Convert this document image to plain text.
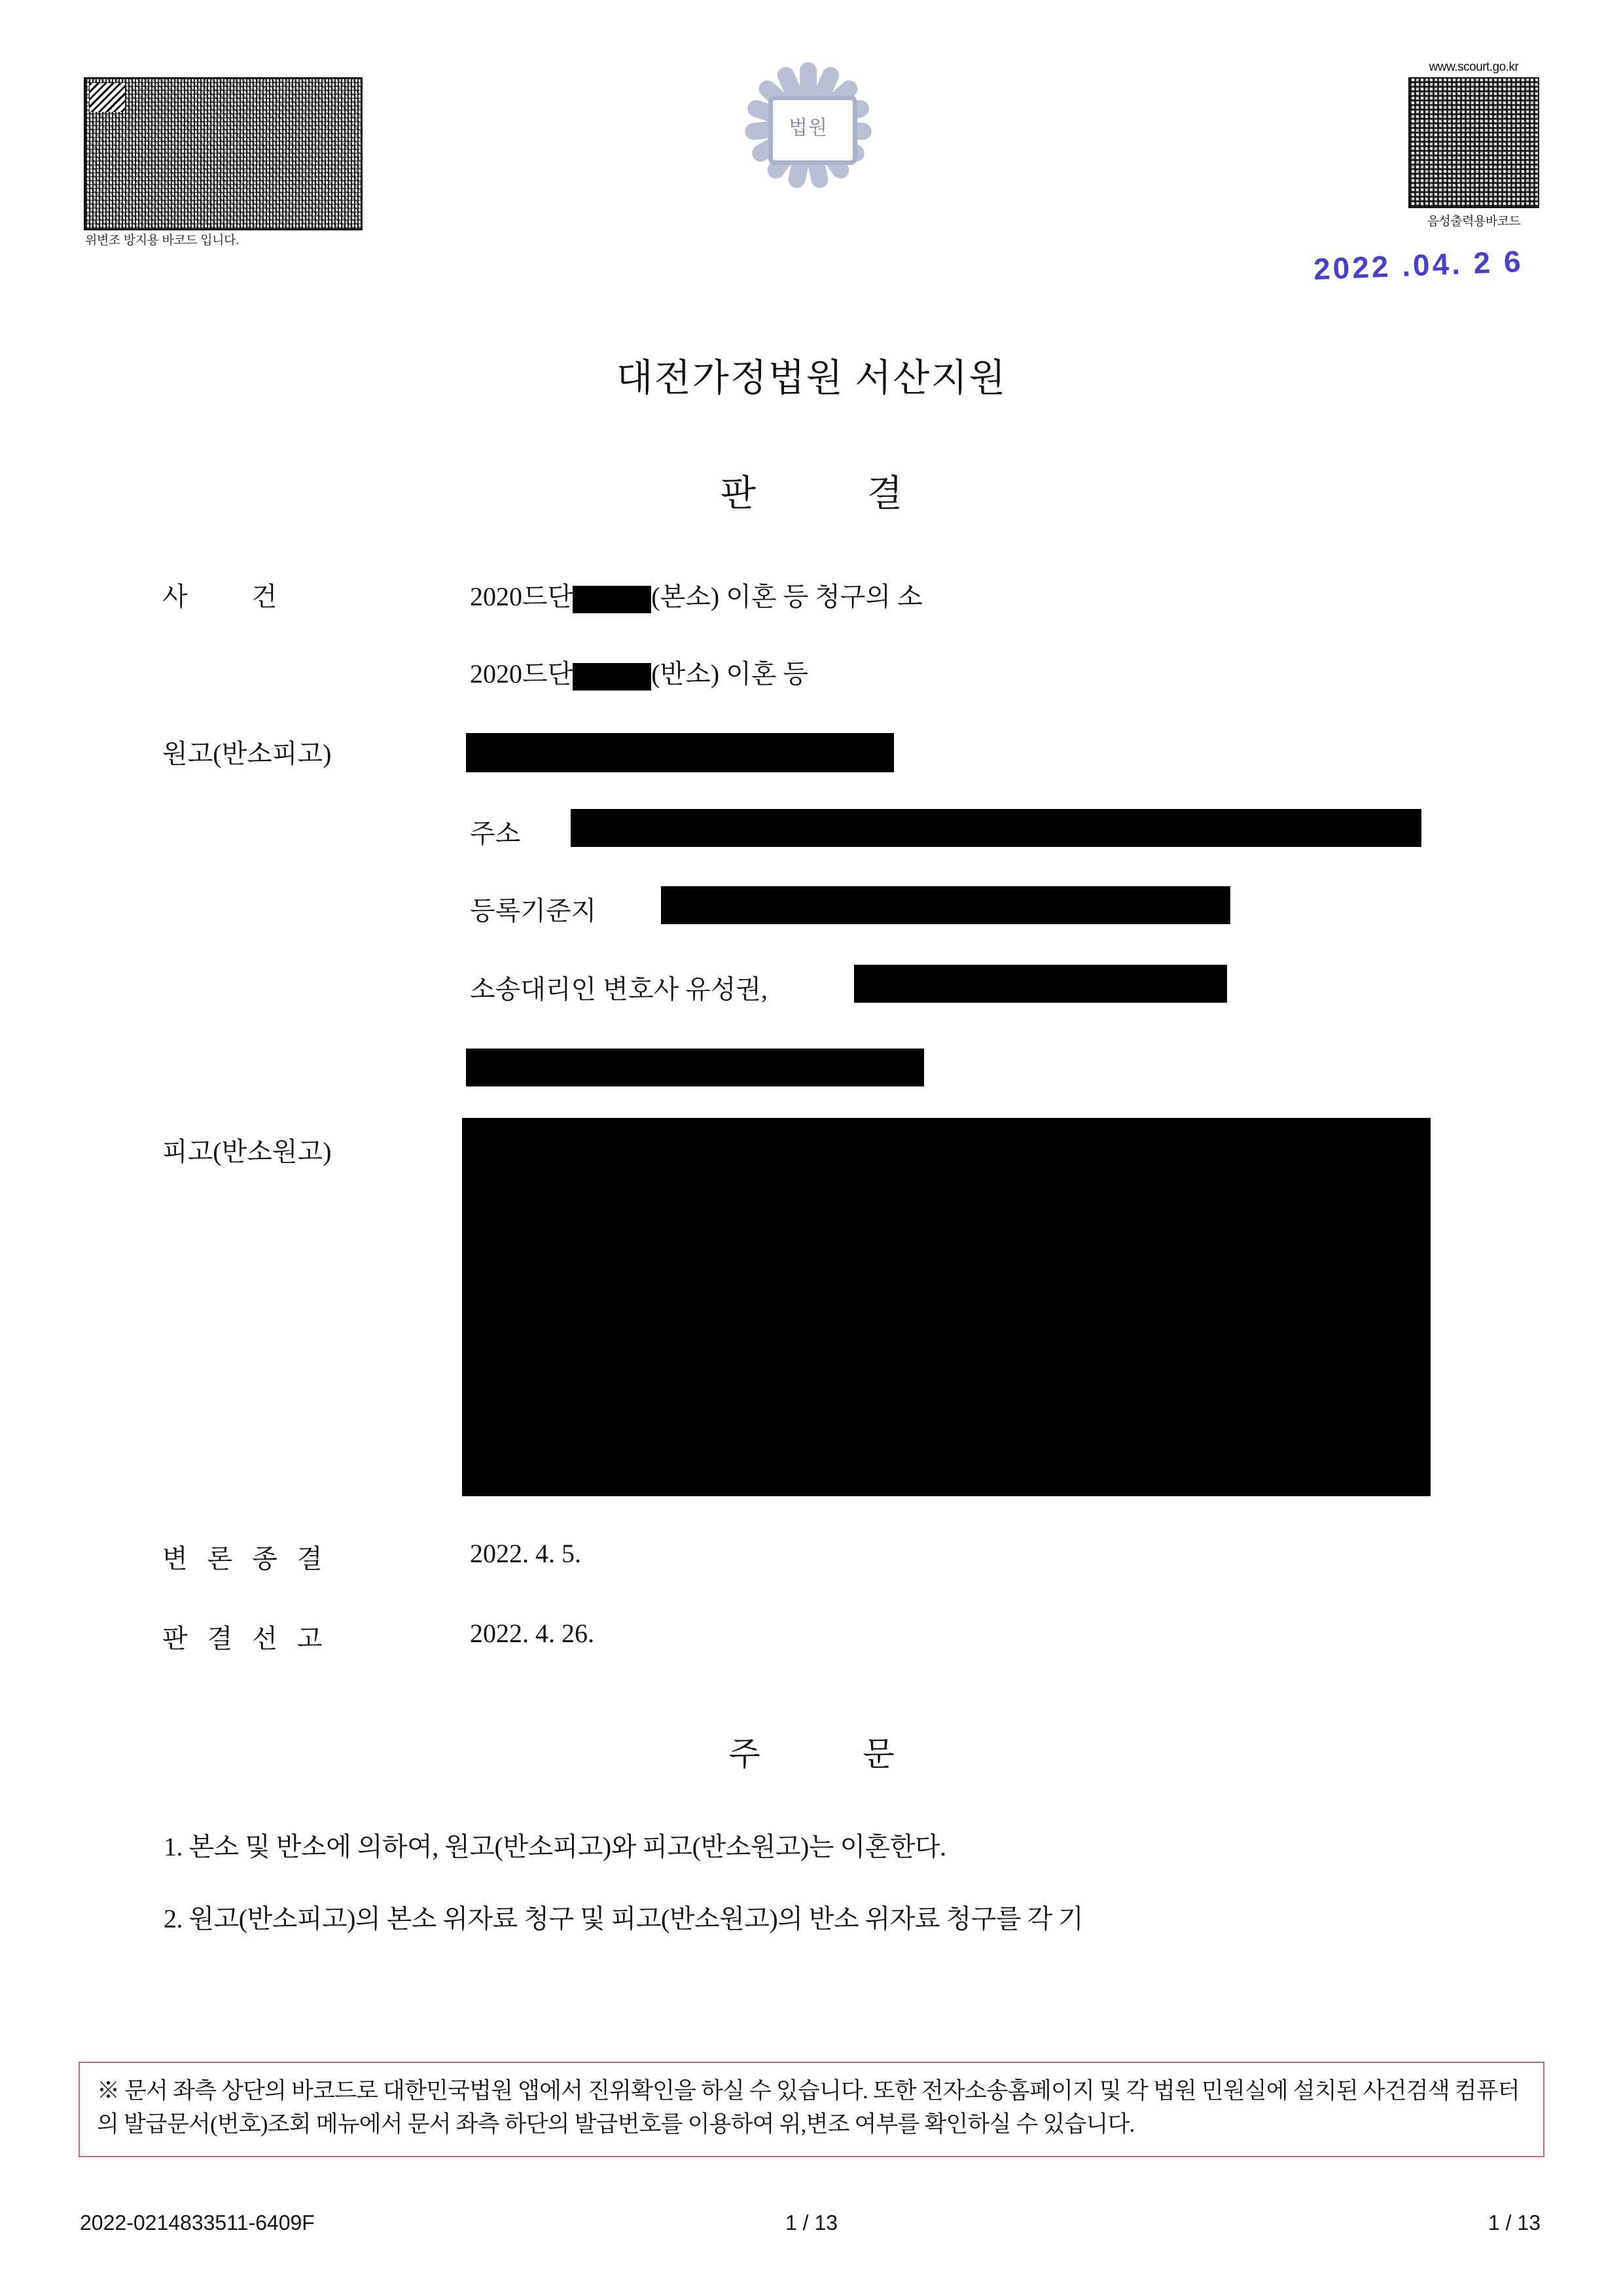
위변조 방지용 바코드 입니다.
법원
www.scourt.go.kr
음성출력용바코드
2022 .04. 2 6
대전가정법원 서산지원
판 결
사 건	2020드단	(본소) 이혼 등 청구의 소
2020드단	(반소) 이혼 등
원고(반소피고)
주소
등록기준지
소송대리인 변호사 유성권,
피고(반소원고)
변 론 종 결	2022. 4. 5.
판 결 선 고	2022. 4. 26.
주 문
1. 본소 및 반소에 의하여, 원고(반소피고)와 피고(반소원고)는 이혼한다.
2. 원고(반소피고)의 본소 위자료 청구 및 피고(반소원고)의 반소 위자료 청구를 각 기
※ 문서 좌측 상단의 바코드로 대한민국법원 앱에서 진위확인을 하실 수 있습니다. 또한 전자소송홈페이지 및 각 법원 민원실에 설치된 사건검색 컴퓨터의 발급문서(번호)조회 메뉴에서 문서 좌측 하단의 발급번호를 이용하여 위,변조 여부를 확인하실 수 있습니다.
2022-0214833511-6409F	1 / 13	1 / 13
